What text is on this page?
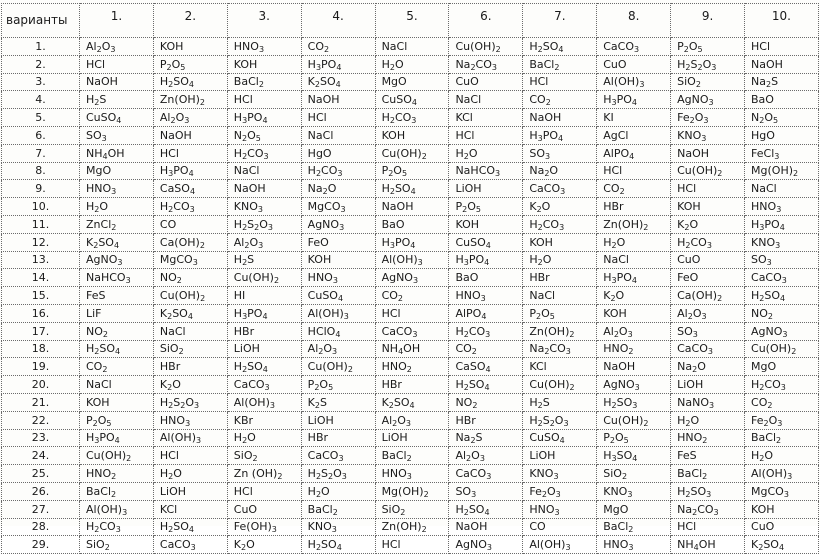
варианты	1.	2.	3.	4.	5.	6.	7.	8.	9.	10.
1.	$Al_2O_3$	KOH	$HNO_3$	$CO_2$	NaCl	$Cu(OH)_2$	$H_2SO_4$	CaCO$_3$	$P_2O_5$	HCl
2.	HCl	$P_2O_5$	KOH	$H_3PO_4$	$H_2O$	$Na_2CO_3$	BaCl$_2$	CuO	$H_2S_2O_3$	NaOH
3.	NaOH	$H_2SO_4$	BaCl$_2$	$K_2SO_4$	MgO	CuO	HCl	$Al(OH)_3$	SiO$_2$	$Na_2S$
4.	$H_2S$	$Zn(OH)_2$	HCl	NaOH	CuSO$_4$	NaCl	$CO_2$	$H_3PO_4$	AgNO$_3$	BaO
5.	CuSO$_4$	$Al_2O_3$	$H_3PO_4$	HCl	$H_2CO_3$	KCl	NaOH	KI	$Fe_2O_3$	$N_2O_5$
6.	$SO_3$	NaOH	$N_2O_5$	NaCl	KOH	HCl	$H_3PO_4$	AgCl	$KNO_3$	HgO
7.	$NH_4OH$	HCl	$H_2CO_3$	HgO	$Cu(OH)_2$	$H_2O$	$SO_3$	AlPO$_4$	NaOH	FeCl$_3$
8.	MgO	$H_3PO_4$	NaCl	$H_2CO_3$	$P_2O_5$	NaHCO$_3$	$Na_2O$	HCl	$Cu(OH)_2$	$Mg(OH)_2$
9.	$HNO_3$	CaSO$_4$	NaOH	$Na_2O$	$H_2SO_4$	LiOH	CaCO$_3$	$CO_2$	HCl	NaCl
10.	$H_2O$	$H_2CO_3$	$KNO_3$	MgCO$_3$	NaOH	$P_2O_5$	$K_2O$	HBr	KOH	$HNO_3$
11.	ZnCl$_2$	CO	$H_2S_2O_3$	AgNO$_3$	BaO	KOH	$H_2CO_3$	$Zn(OH)_2$	$K_2O$	$H_3PO_4$
12.	$K_2SO_4$	$Ca(OH)_2$	$Al_2O_3$	FeO	$H_3PO_4$	CuSO$_4$	KOH	$H_2O$	$H_2CO_3$	$KNO_3$
13.	AgNO$_3$	MgCO$_3$	$H_2S$	KOH	$Al(OH)_3$	$H_3PO_4$	$H_2O$	NaCl	CuO	$SO_3$
14.	NaHCO$_3$	$NO_2$	$Cu(OH)_2$	$HNO_3$	AgNO$_3$	BaO	HBr	$H_3PO_4$	FeO	CaCO$_3$
15.	FeS	$Cu(OH)_2$	HI	CuSO$_4$	$CO_2$	$HNO_3$	NaCl	$K_2O$	$Ca(OH)_2$	$H_2SO_4$
16.	LiF	$K_2SO_4$	$H_3PO_4$	$Al(OH)_3$	HCl	AlPO$_4$	$P_2O_5$	KOH	$Al_2O_3$	$NO_2$
17.	$NO_2$	NaCl	HBr	HClO$_4$	CaCO$_3$	$H_2CO_3$	$Zn(OH)_2$	$Al_2O_3$	$SO_3$	AgNO$_3$
18.	$H_2SO_4$	SiO$_2$	LiOH	$Al_2O_3$	$NH_4OH$	$CO_2$	$Na_2CO_3$	$HNO_2$	CaCO$_3$	$Cu(OH)_2$
19.	$CO_2$	HBr	$H_2SO_4$	$Cu(OH)_2$	$HNO_2$	CaSO$_4$	KCl	NaOH	$Na_2O$	MgO
20.	NaCl	$K_2O$	CaCO$_3$	$P_2O_5$	HBr	$H_2SO_4$	$Cu(OH)_2$	AgNO$_3$	LiOH	$H_2CO_3$
21.	KOH	$H_2S_2O_3$	$Al(OH)_3$	$K_2S$	$K_2SO_4$	$NO_2$	$H_2S$	$H_2SO_3$	NaNO$_3$	$CO_2$
22.	$P_2O_5$	$HNO_3$	KBr	LiOH	$Al_2O_3$	HBr	$H_2S_2O_3$	$Cu(OH)_2$	$H_2O$	$Fe_2O_3$
23.	$H_3PO_4$	$Al(OH)_3$	$H_2O$	HBr	LiOH	$Na_2S$	CuSO$_4$	$P_2O_5$	$HNO_2$	BaCl$_2$
24.	$Cu(OH)_2$	HCl	SiO$_2$	CaCO$_3$	BaCl$_2$	$Al_2O_3$	LiOH	$H_3SO_4$	FeS	$H_2O$
25.	$HNO_2$	$H_2O$	Zn $(OH)_2$	$H_2S_2O_3$	$HNO_3$	CaCO$_3$	$KNO_3$	SiO$_2$	BaCl$_2$	$Al(OH)_3$
26.	BaCl$_2$	LiOH	HCl	$H_2O$	$Mg(OH)_2$	$SO_3$	$Fe_2O_3$	$KNO_3$	$H_2SO_3$	MgCO$_3$
27.	$Al(OH)_3$	KCl	CuO	BaCl$_2$	SiO$_2$	$H_2SO_4$	$HNO_3$	MgO	$Na_2CO_3$	KOH
28.	$H_2CO_3$	$H_2SO_4$	$Fe(OH)_3$	$KNO_3$	$Zn(OH)_2$	NaOH	CO	BaCl$_2$	HCl	CuO
29.	SiO$_2$	CaCO$_3$	$K_2O$	$H_2SO_4$	HCl	AgNO$_3$	$Al(OH)_3$	$HNO_3$	$NH_4OH$	$K_2SO_4$
